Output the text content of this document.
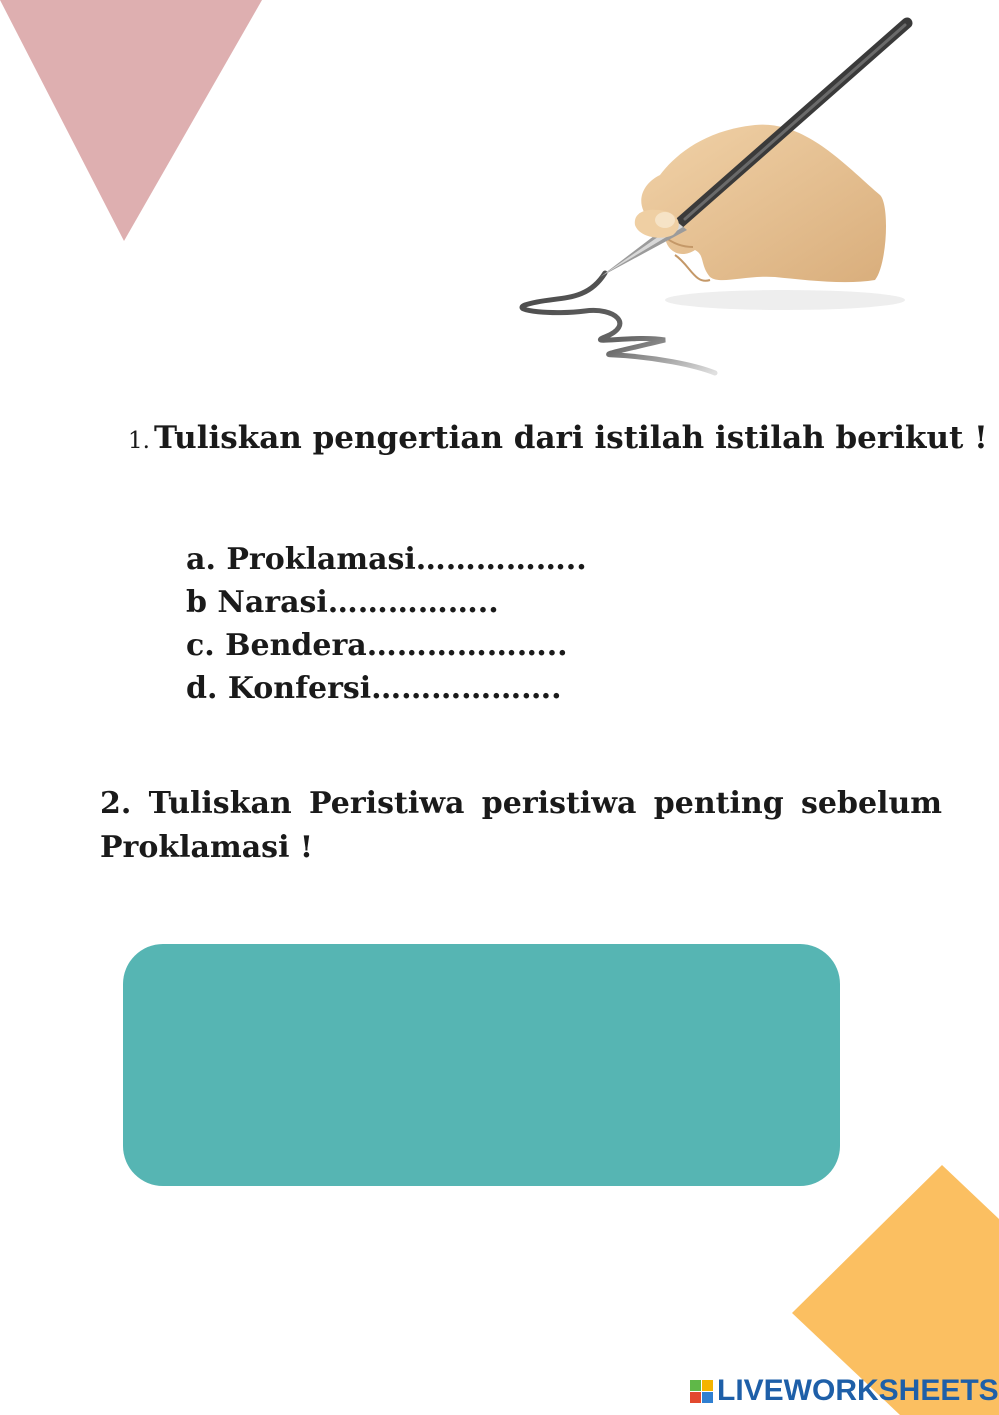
1. Tuliskan pengertian dari istilah istilah berikut !
a. Proklamasi……………..
b Narasi……………..
c. Bendera………………..
d. Konfersi……………….
2. Tuliskan Peristiwa peristiwa penting sebelum Proklamasi !
LIVEWORKSHEETS
